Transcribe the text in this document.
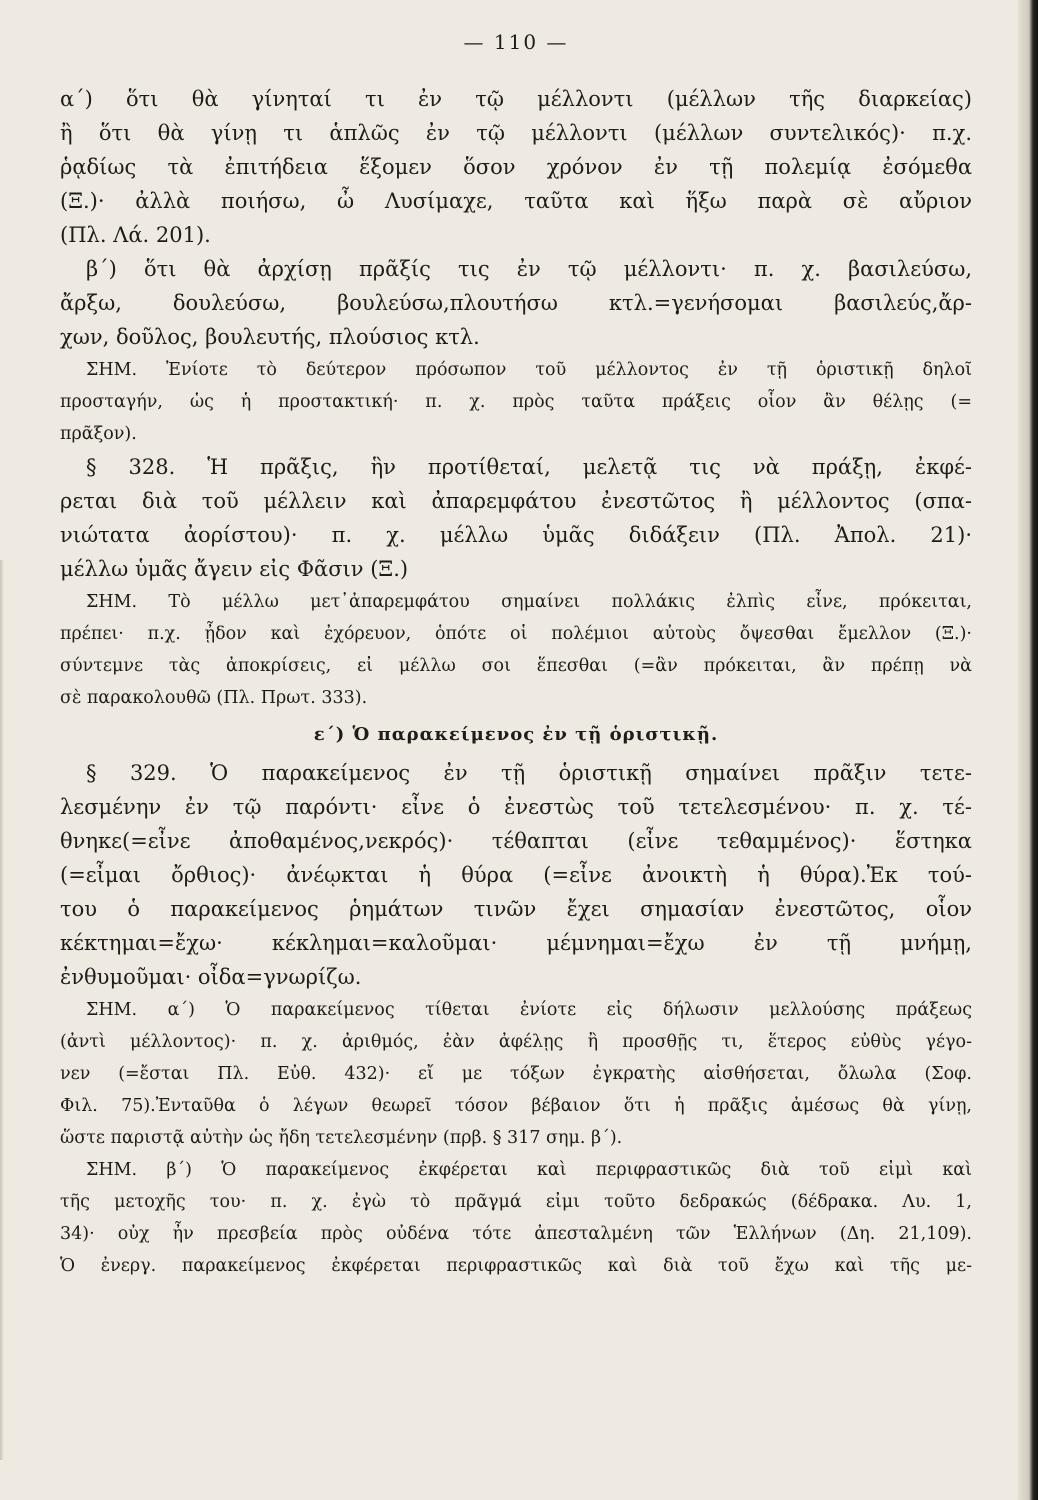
— 110 —
α΄) ὅτι θὰ γίνηταί τι ἐν τῷ μέλλοντι (μέλλων τῆς διαρκείας)
ἢ ὅτι θὰ γίνῃ τι ἁπλῶς ἐν τῷ μέλλοντι (μέλλων συντελικός)· π.χ.
ῥᾳδίως τὰ ἐπιτήδεια ἕξομεν ὅσον χρόνον ἐν τῇ πολεμίᾳ ἐσόμεθα
(Ξ.)· ἀλλὰ ποιήσω, ὦ Λυσίμαχε, ταῦτα καὶ ἥξω παρὰ σὲ αὔριον
(Πλ. Λά. 201).
β΄) ὅτι θὰ ἀρχίσῃ πρᾶξίς τις ἐν τῷ μέλλοντι· π. χ. βασιλεύσω,
ἄρξω, δουλεύσω, βουλεύσω,πλουτήσω κτλ.=γενήσομαι βασιλεύς,ἄρ-
χων, δοῦλος, βουλευτής, πλούσιος κτλ.
ΣΗΜ. Ἐνίοτε τὸ δεύτερον πρόσωπον τοῦ μέλλοντος ἐν τῇ ὁριστικῇ δηλοῖ
προσταγήν, ὡς ἡ προστακτική· π. χ. πρὸς ταῦτα πράξεις οἷον ἂν θέλῃς (=
πρᾶξον).
§ 328. Ἡ πρᾶξις, ἣν προτίθεταί, μελετᾷ τις νὰ πράξῃ, ἐκφέ-
ρεται διὰ τοῦ μέλλειν καὶ ἀπαρεμφάτου ἐνεστῶτος ἢ μέλλοντος (σπα-
νιώτατα ἀορίστου)· π. χ. μέλλω ὑμᾶς διδάξειν (Πλ. Ἀπολ. 21)·
μέλλω ὑμᾶς ἄγειν εἰς Φᾶσιν (Ξ.)
ΣΗΜ. Τὸ μέλλω μετ᾽ἀπαρεμφάτου σημαίνει πολλάκις ἐλπὶς εἶνε, πρόκειται,
πρέπει· π.χ. ᾖδον καὶ ἐχόρευον, ὁπότε οἱ πολέμιοι αὐτοὺς ὄψεσθαι ἔμελλον (Ξ.)·
σύντεμνε τὰς ἀποκρίσεις, εἰ μέλλω σοι ἕπεσθαι (=ἂν πρόκειται, ἂν πρέπῃ νὰ
σὲ παρακολουθῶ (Πλ. Πρωτ. 333).
ε΄) Ὁ παρακείμενος ἐν τῇ ὁριστικῇ.
§ 329. Ὁ παρακείμενος ἐν τῇ ὁριστικῇ σημαίνει πρᾶξιν τετε-
λεσμένην ἐν τῷ παρόντι· εἶνε ὁ ἐνεστὼς τοῦ τετελεσμένου· π. χ. τέ-
θνηκε(=εἶνε ἀποθαμένος,νεκρός)· τέθαπται (εἶνε τεθαμμένος)· ἕστηκα
(=εἶμαι ὄρθιος)· ἀνέῳκται ἡ θύρα (=εἶνε ἀνοικτὴ ἡ θύρα).Ἐκ τού-
του ὁ παρακείμενος ῥημάτων τινῶν ἔχει σημασίαν ἐνεστῶτος, οἷον
κέκτημαι=ἔχω· κέκλημαι=καλοῦμαι· μέμνημαι=ἔχω ἐν τῇ μνήμῃ,
ἐνθυμοῦμαι· οἶδα=γνωρίζω.
ΣΗΜ. α΄) Ὁ παρακείμενος τίθεται ἐνίοτε εἰς δήλωσιν μελλούσης πράξεως
(ἀντὶ μέλλοντος)· π. χ. ἀριθμός, ἐὰν ἀφέλῃς ἢ προσθῇς τι, ἕτερος εὐθὺς γέγο-
νεν (=ἔσται Πλ. Εὐθ. 432)· εἴ με τόξων ἐγκρατὴς αἰσθήσεται, ὄλωλα (Σοφ.
Φιλ. 75).Ἐνταῦθα ὁ λέγων θεωρεῖ τόσον βέβαιον ὅτι ἡ πρᾶξις ἀμέσως θὰ γίνῃ,
ὥστε παριστᾷ αὐτὴν ὡς ἤδη τετελεσμένην (πρβ. § 317 σημ. β΄).
ΣΗΜ. β΄) Ὁ παρακείμενος ἐκφέρεται καὶ περιφραστικῶς διὰ τοῦ εἰμὶ καὶ
τῆς μετοχῆς του· π. χ. ἐγὼ τὸ πρᾶγμά εἰμι τοῦτο δεδρακώς (δέδρακα. Λυ. 1,
34)· οὐχ ἦν πρεσβεία πρὸς οὐδένα τότε ἀπεσταλμένη τῶν Ἑλλήνων (Δη. 21,109).
Ὁ ἐνεργ. παρακείμενος ἐκφέρεται περιφραστικῶς καὶ διὰ τοῦ ἔχω καὶ τῆς με-
